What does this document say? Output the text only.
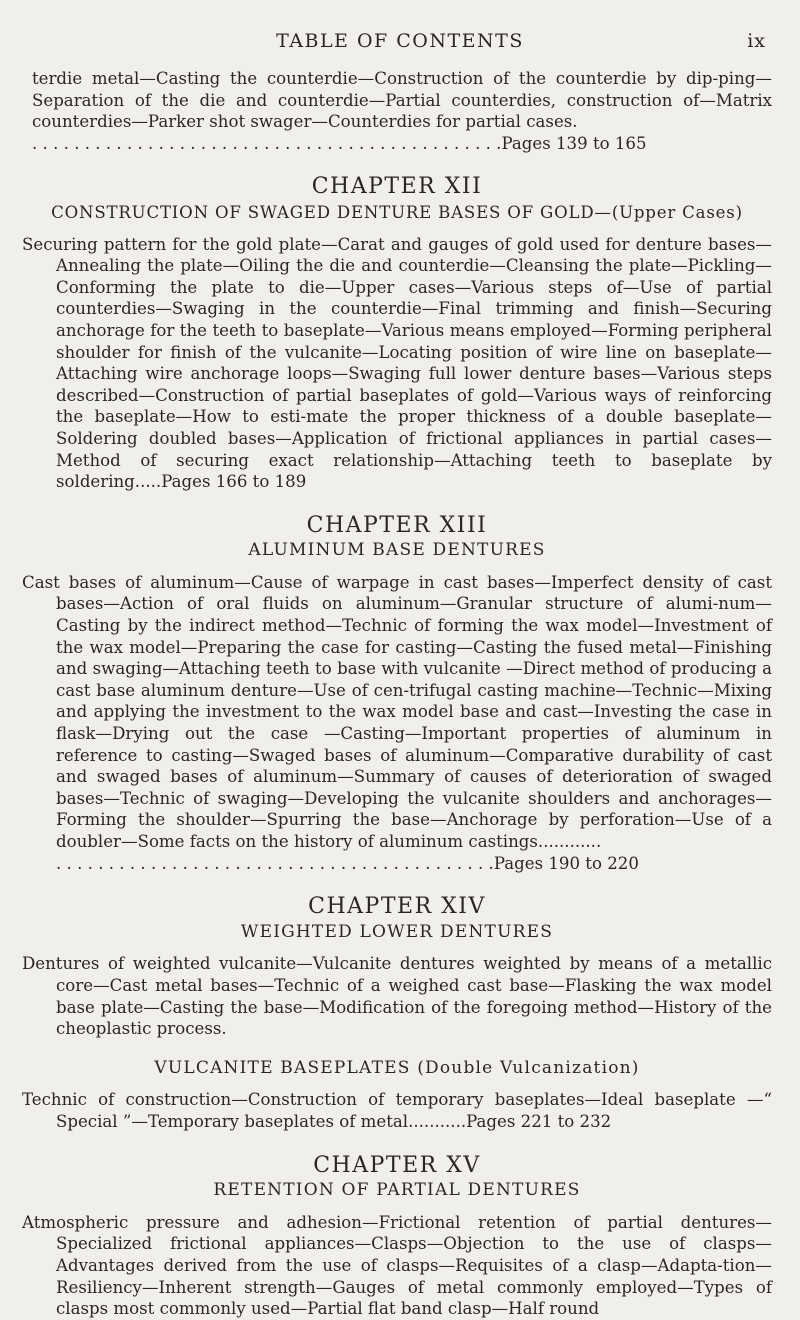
TABLE OF CONTENTS	ix

terdie metal—Casting the counterdie—Construction of the counterdie by dip-ping—Separation of the die and counterdie—Partial counterdies, construction of—Matrix counterdies—Parker shot swager—Counterdies for partial cases.
. . . . . . . . . . . . . . . . . . . . . . . . . . . . . . . . . . . . . . . . . . . . .Pages 139 to 165

CHAPTER XII
CONSTRUCTION OF SWAGED DENTURE BASES OF GOLD—(Upper Cases)

Securing pattern for the gold plate—Carat and gauges of gold used for denture bases—Annealing the plate—Oiling the die and counterdie—Cleansing the plate—Pickling—Conforming the plate to die—Upper cases—Various steps of—Use of partial counterdies—Swaging in the counterdie—Final trimming and finish—Securing anchorage for the teeth to baseplate—Various means employed—Forming peripheral shoulder for finish of the vulcanite—Locating position of wire line on baseplate—Attaching wire anchorage loops—Swaging full lower denture bases—Various steps described—Construction of partial baseplates of gold—Various ways of reinforcing the baseplate—How to esti-mate the proper thickness of a double baseplate—Soldering doubled bases—Application of frictional appliances in partial cases—Method of securing exact relationship—Attaching teeth to baseplate by soldering.....Pages 166 to 189

CHAPTER XIII
ALUMINUM BASE DENTURES

Cast bases of aluminum—Cause of warpage in cast bases—Imperfect density of cast bases—Action of oral fluids on aluminum—Granular structure of alumi-num—Casting by the indirect method—Technic of forming the wax model—Investment of the wax model—Preparing the case for casting—Casting the fused metal—Finishing and swaging—Attaching teeth to base with vulcanite —Direct method of producing a cast base aluminum denture—Use of cen-trifugal casting machine—Technic—Mixing and applying the investment to the wax model base and cast—Investing the case in flask—Drying out the case —Casting—Important properties of aluminum in reference to casting—Swaged bases of aluminum—Comparative durability of cast and swaged bases of aluminum—Summary of causes of deterioration of swaged bases—Technic of swaging—Developing the vulcanite shoulders and anchorages—Forming the shoulder—Spurring the base—Anchorage by perforation—Use of a doubler—Some facts on the history of aluminum castings............
. . . . . . . . . . . . . . . . . . . . . . . . . . . . . . . . . . . . . . . . . .Pages 190 to 220

CHAPTER XIV
WEIGHTED LOWER DENTURES

Dentures of weighted vulcanite—Vulcanite dentures weighted by means of a metallic core—Cast metal bases—Technic of a weighed cast base—Flasking the wax model base plate—Casting the base—Modification of the foregoing method—History of the cheoplastic process.

VULCANITE BASEPLATES (Double Vulcanization)

Technic of construction—Construction of temporary baseplates—Ideal baseplate —“ Special ”—Temporary baseplates of metal...........Pages 221 to 232

CHAPTER XV
RETENTION OF PARTIAL DENTURES

Atmospheric pressure and adhesion—Frictional retention of partial dentures—Specialized frictional appliances—Clasps—Objection to the use of clasps—Advantages derived from the use of clasps—Requisites of a clasp—Adapta-tion—Resiliency—Inherent strength—Gauges of metal commonly employed—Types of clasps most commonly used—Partial flat band clasp—Half round
